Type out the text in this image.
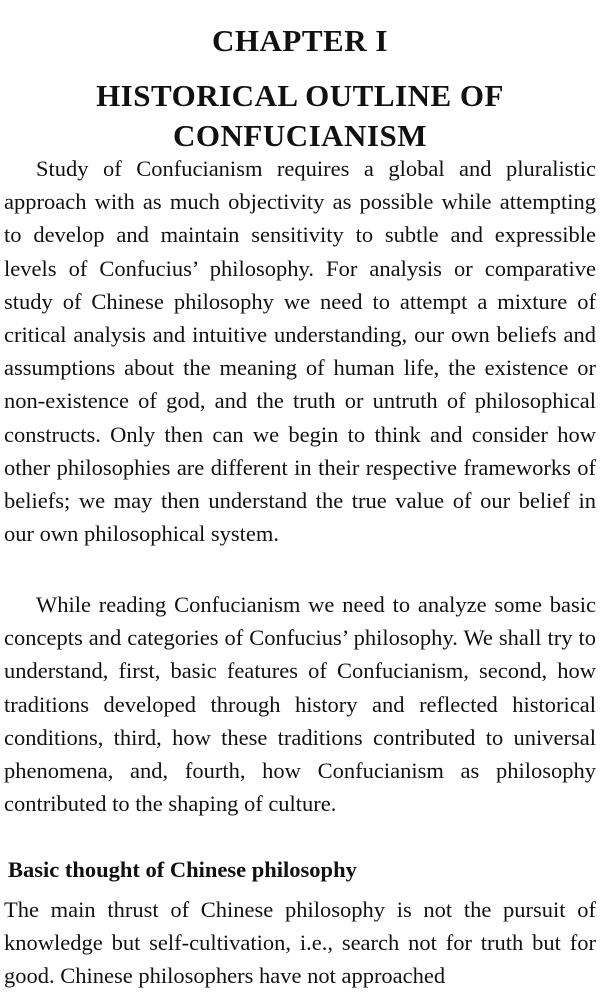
CHAPTER I
HISTORICAL OUTLINE OF CONFUCIANISM

Study of Confucianism requires a global and pluralistic approach with as much objectivity as possible while attempting to develop and maintain sensitivity to subtle and expressible levels of Confucius’ philosophy. For analysis or comparative study of Chinese philosophy we need to attempt a mixture of critical analysis and intuitive understanding, our own beliefs and assumptions about the meaning of human life, the existence or non-existence of god, and the truth or untruth of philosophical constructs. Only then can we begin to think and consider how other philosophies are different in their respective frameworks of beliefs; we may then understand the true value of our belief in our own philosophical system.

While reading Confucianism we need to analyze some basic concepts and categories of Confucius’ philosophy. We shall try to understand, first, basic features of Confucianism, second, how traditions developed through history and reflected historical conditions, third, how these traditions contributed to universal phenomena, and, fourth, how Confucianism as philosophy contributed to the shaping of culture.

Basic thought of Chinese philosophy

The main thrust of Chinese philosophy is not the pursuit of knowledge but self-cultivation, i.e., search not for truth but for good. Chinese philosophers have not approached
